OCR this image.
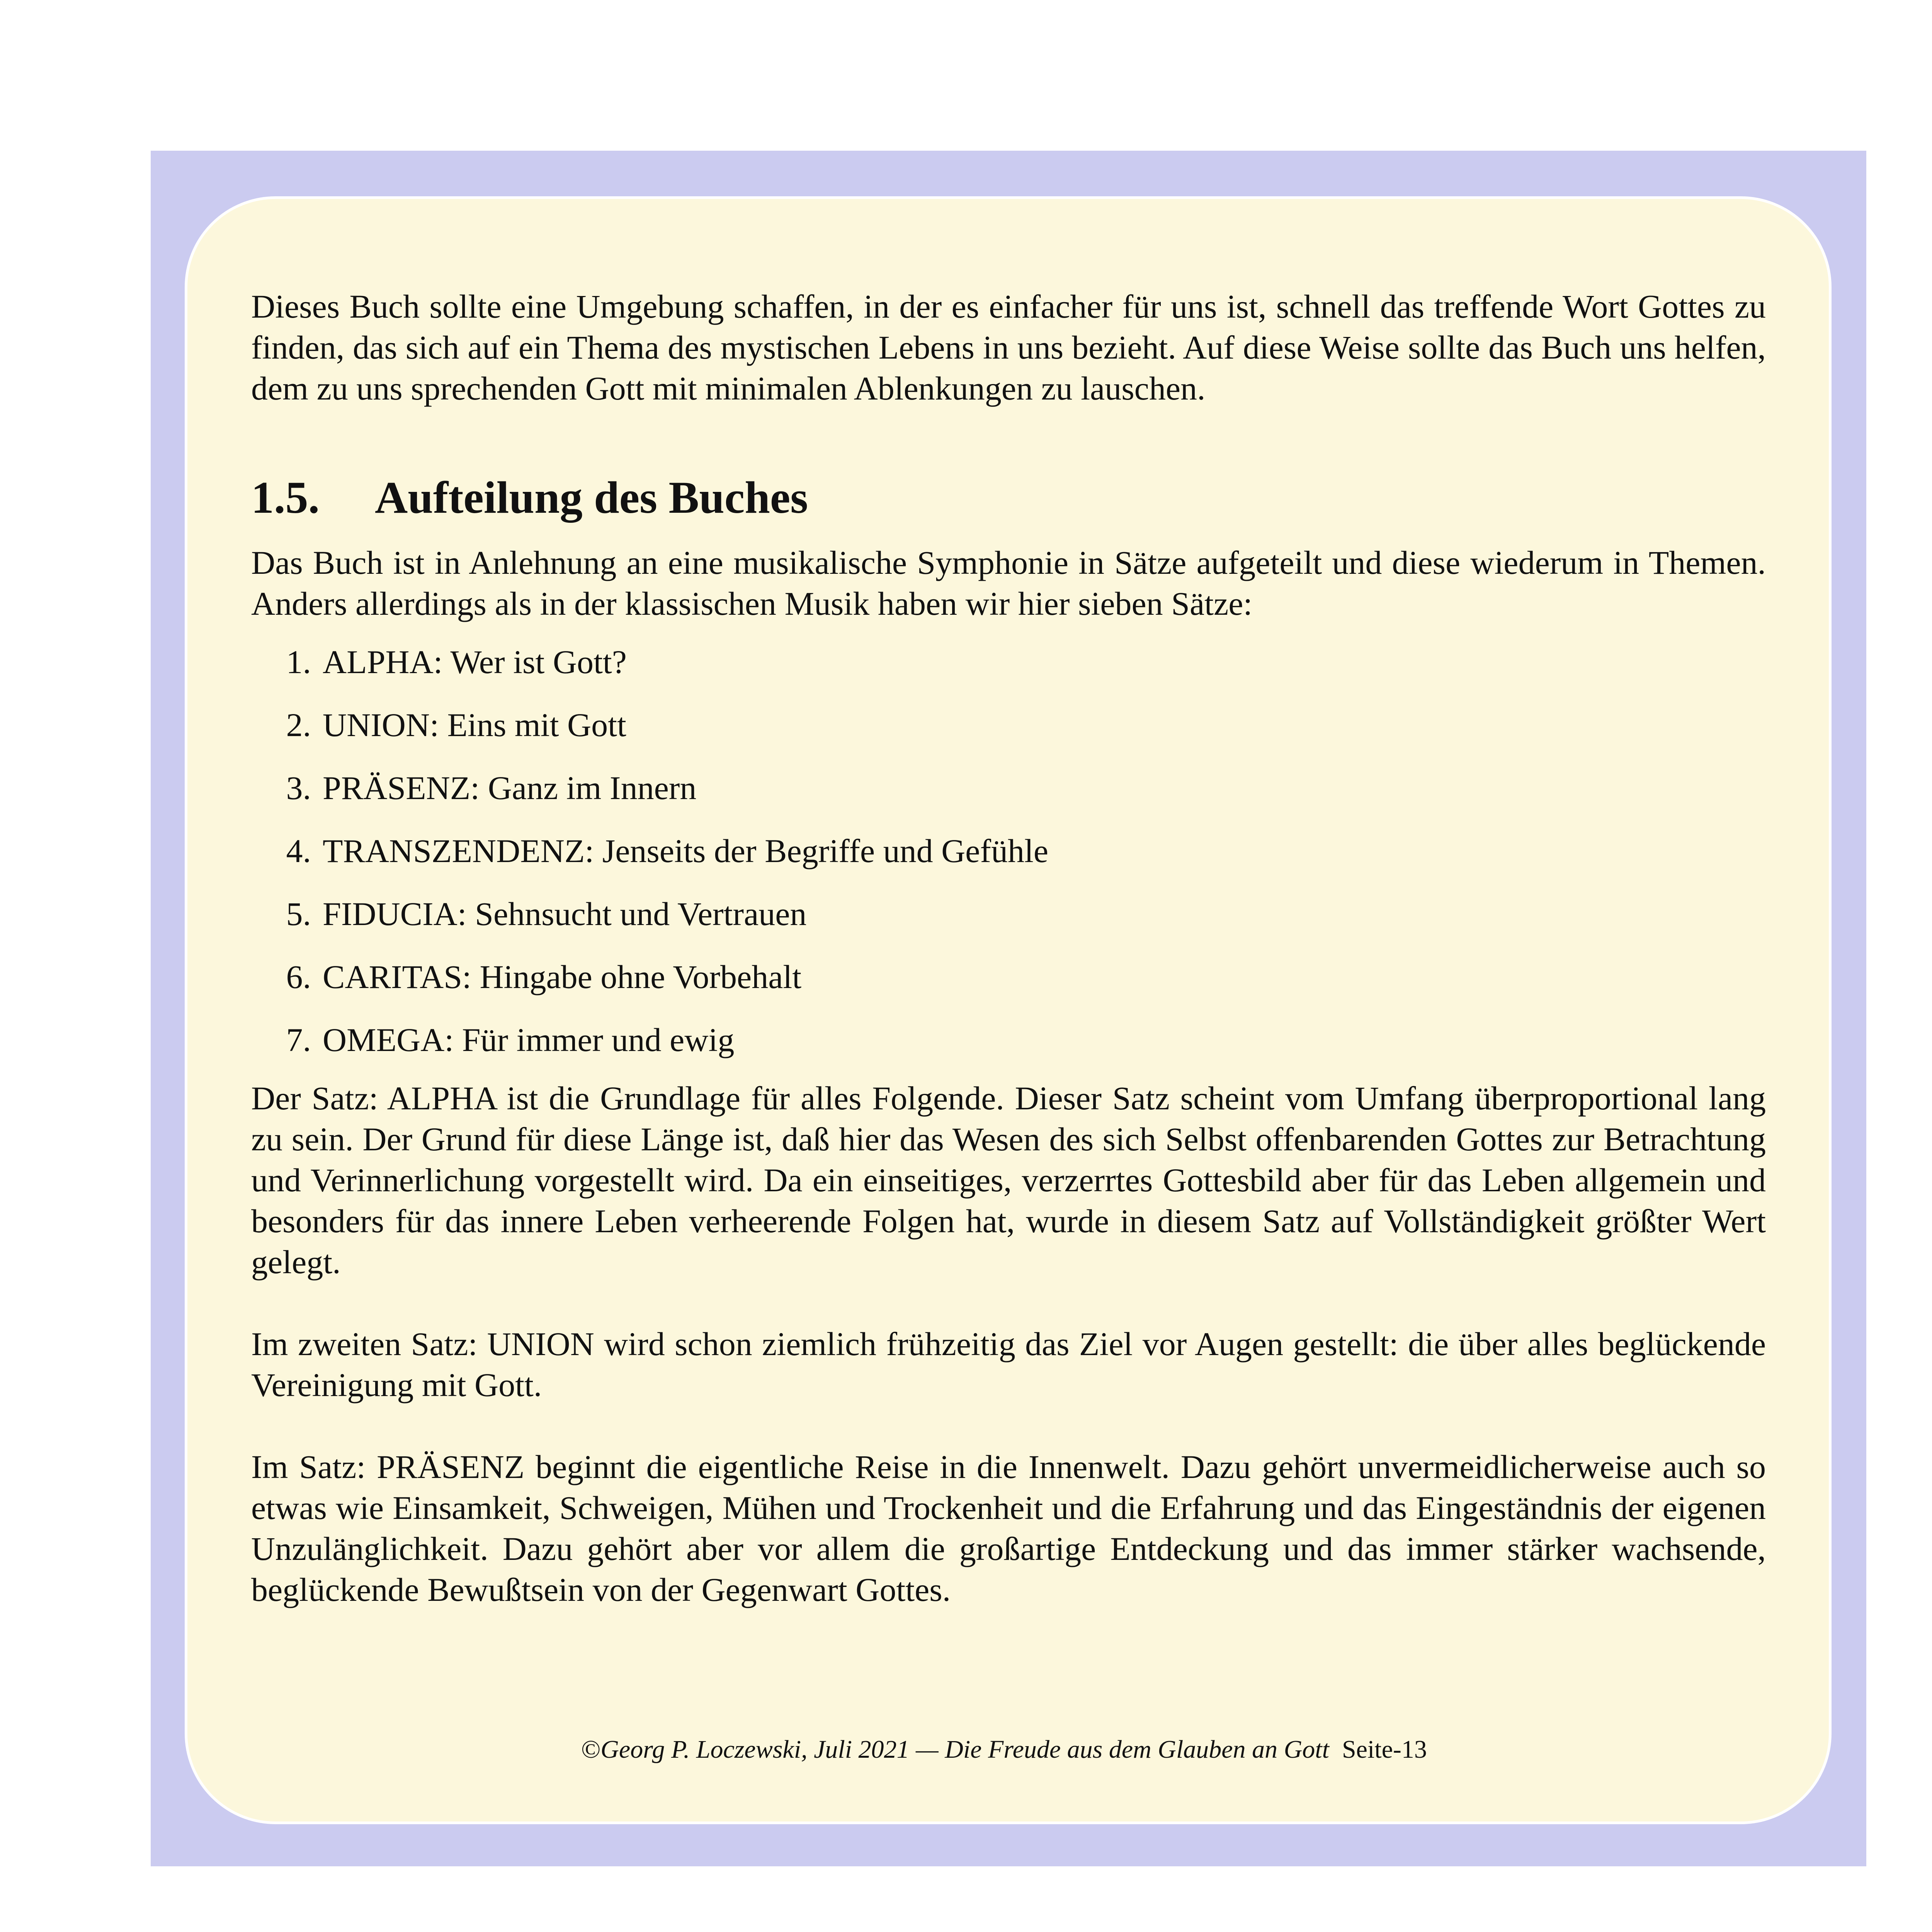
Dieses Buch sollte eine Umgebung schaffen, in der es einfacher für uns ist, schnell das treffende Wort Gottes zu finden, das sich auf ein Thema des mystischen Lebens in uns bezieht. Auf diese Weise sollte das Buch uns helfen, dem zu uns sprechenden Gott mit minimalen Ablenkungen zu lauschen.

1.5. Aufteilung des Buches

Das Buch ist in Anlehnung an eine musikalische Symphonie in Sätze aufgeteilt und diese wiederum in Themen. Anders allerdings als in der klassischen Musik haben wir hier sieben Sätze:

1. ALPHA: Wer ist Gott?
2. UNION: Eins mit Gott
3. PRÄSENZ: Ganz im Innern
4. TRANSZENDENZ: Jenseits der Begriffe und Gefühle
5. FIDUCIA: Sehnsucht und Vertrauen
6. CARITAS: Hingabe ohne Vorbehalt
7. OMEGA: Für immer und ewig

Der Satz: ALPHA ist die Grundlage für alles Folgende. Dieser Satz scheint vom Umfang überproportional lang zu sein. Der Grund für diese Länge ist, daß hier das Wesen des sich Selbst offenbarenden Gottes zur Betrachtung und Verinnerlichung vorgestellt wird. Da ein einseitiges, verzerrtes Gottesbild aber für das Leben allgemein und besonders für das innere Leben verheerende Folgen hat, wurde in diesem Satz auf Vollständigkeit größter Wert gelegt.

Im zweiten Satz: UNION wird schon ziemlich frühzeitig das Ziel vor Augen gestellt: die über alles beglückende Vereinigung mit Gott.

Im Satz: PRÄSENZ beginnt die eigentliche Reise in die Innenwelt. Dazu gehört unvermeidlicherweise auch so etwas wie Einsamkeit, Schweigen, Mühen und Trockenheit und die Erfahrung und das Eingeständnis der eigenen Unzulänglichkeit. Dazu gehört aber vor allem die großartige Entdeckung und das immer stärker wachsende, beglückende Bewußtsein von der Gegenwart Gottes.

©Georg P. Loczewski, Juli 2021 — Die Freude aus dem Glauben an Gott Seite-13
